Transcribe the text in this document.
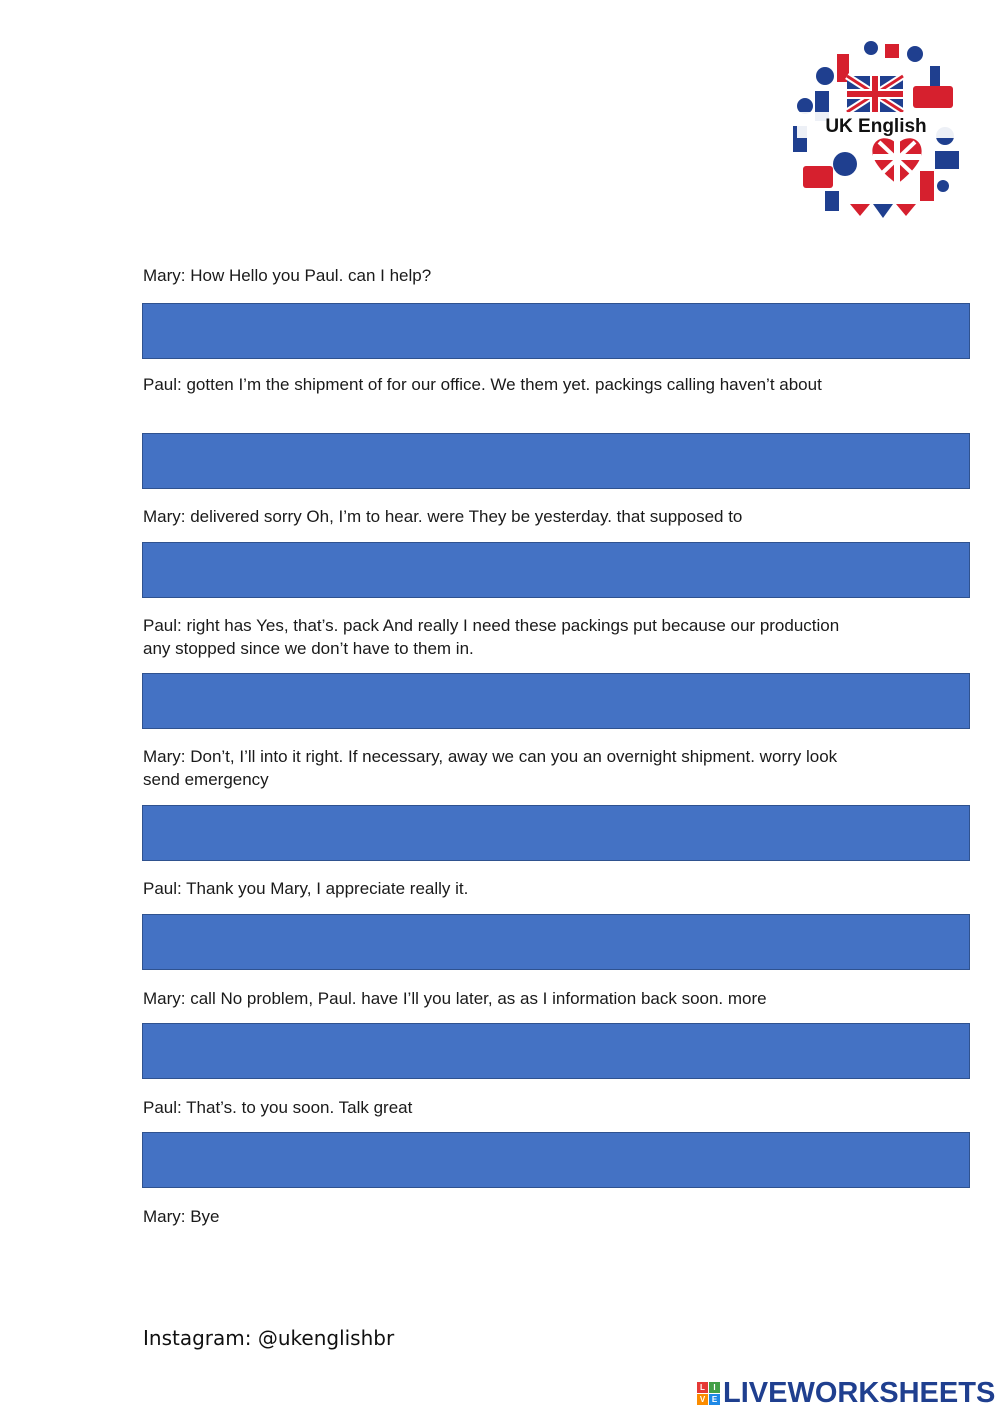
UK English
Mary: How Hello you Paul. can I help?
Paul: gotten I’m the shipment of for our office. We them yet. packings calling haven’t about
Mary: delivered sorry Oh, I’m to hear. were They be yesterday. that supposed to
Paul: right has Yes, that’s. pack And really I need these packings put because our production any stopped since we don’t have to them in.
Mary: Don’t, I’ll into it right. If necessary, away we can you an overnight shipment. worry look send emergency
Paul: Thank you Mary, I appreciate really it.
Mary: call No problem, Paul. have I’ll you later, as as I information back soon. more
Paul: That’s. to you soon. Talk great
Mary: Bye
Instagram: @ukenglishbr
L	I
V E LIVEWORKSHEETS
